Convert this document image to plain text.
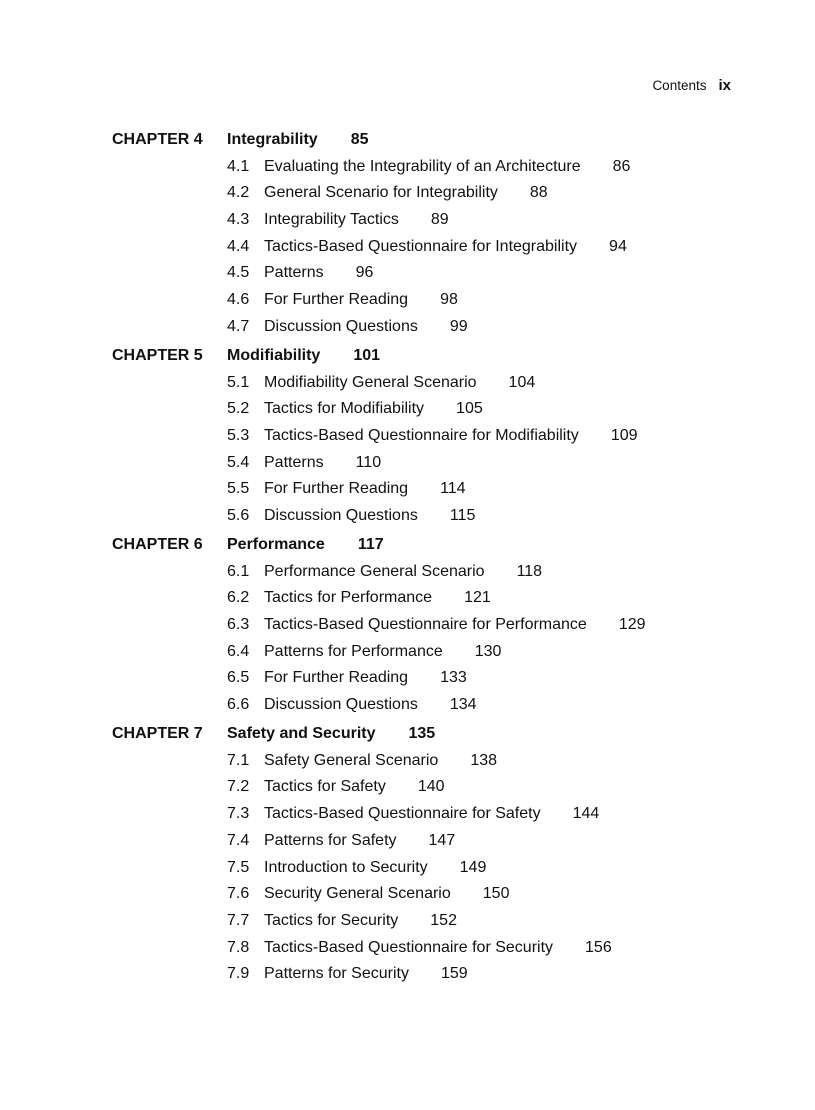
Contents ix
CHAPTER 4	Integrability 85
4.1 Evaluating the Integrability of an Architecture 86
4.2 General Scenario for Integrability 88
4.3 Integrability Tactics 89
4.4 Tactics-Based Questionnaire for Integrability 94
4.5 Patterns 96
4.6 For Further Reading 98
4.7 Discussion Questions 99
CHAPTER 5	Modifiability 101
5.1 Modifiability General Scenario 104
5.2 Tactics for Modifiability 105
5.3 Tactics-Based Questionnaire for Modifiability 109
5.4 Patterns 110
5.5 For Further Reading 114
5.6 Discussion Questions 115
CHAPTER 6	Performance 117
6.1 Performance General Scenario 118
6.2 Tactics for Performance 121
6.3 Tactics-Based Questionnaire for Performance 129
6.4 Patterns for Performance 130
6.5 For Further Reading 133
6.6 Discussion Questions 134
CHAPTER 7	Safety and Security 135
7.1 Safety General Scenario 138
7.2 Tactics for Safety 140
7.3 Tactics-Based Questionnaire for Safety 144
7.4 Patterns for Safety 147
7.5 Introduction to Security 149
7.6 Security General Scenario 150
7.7 Tactics for Security 152
7.8 Tactics-Based Questionnaire for Security 156
7.9 Patterns for Security 159
